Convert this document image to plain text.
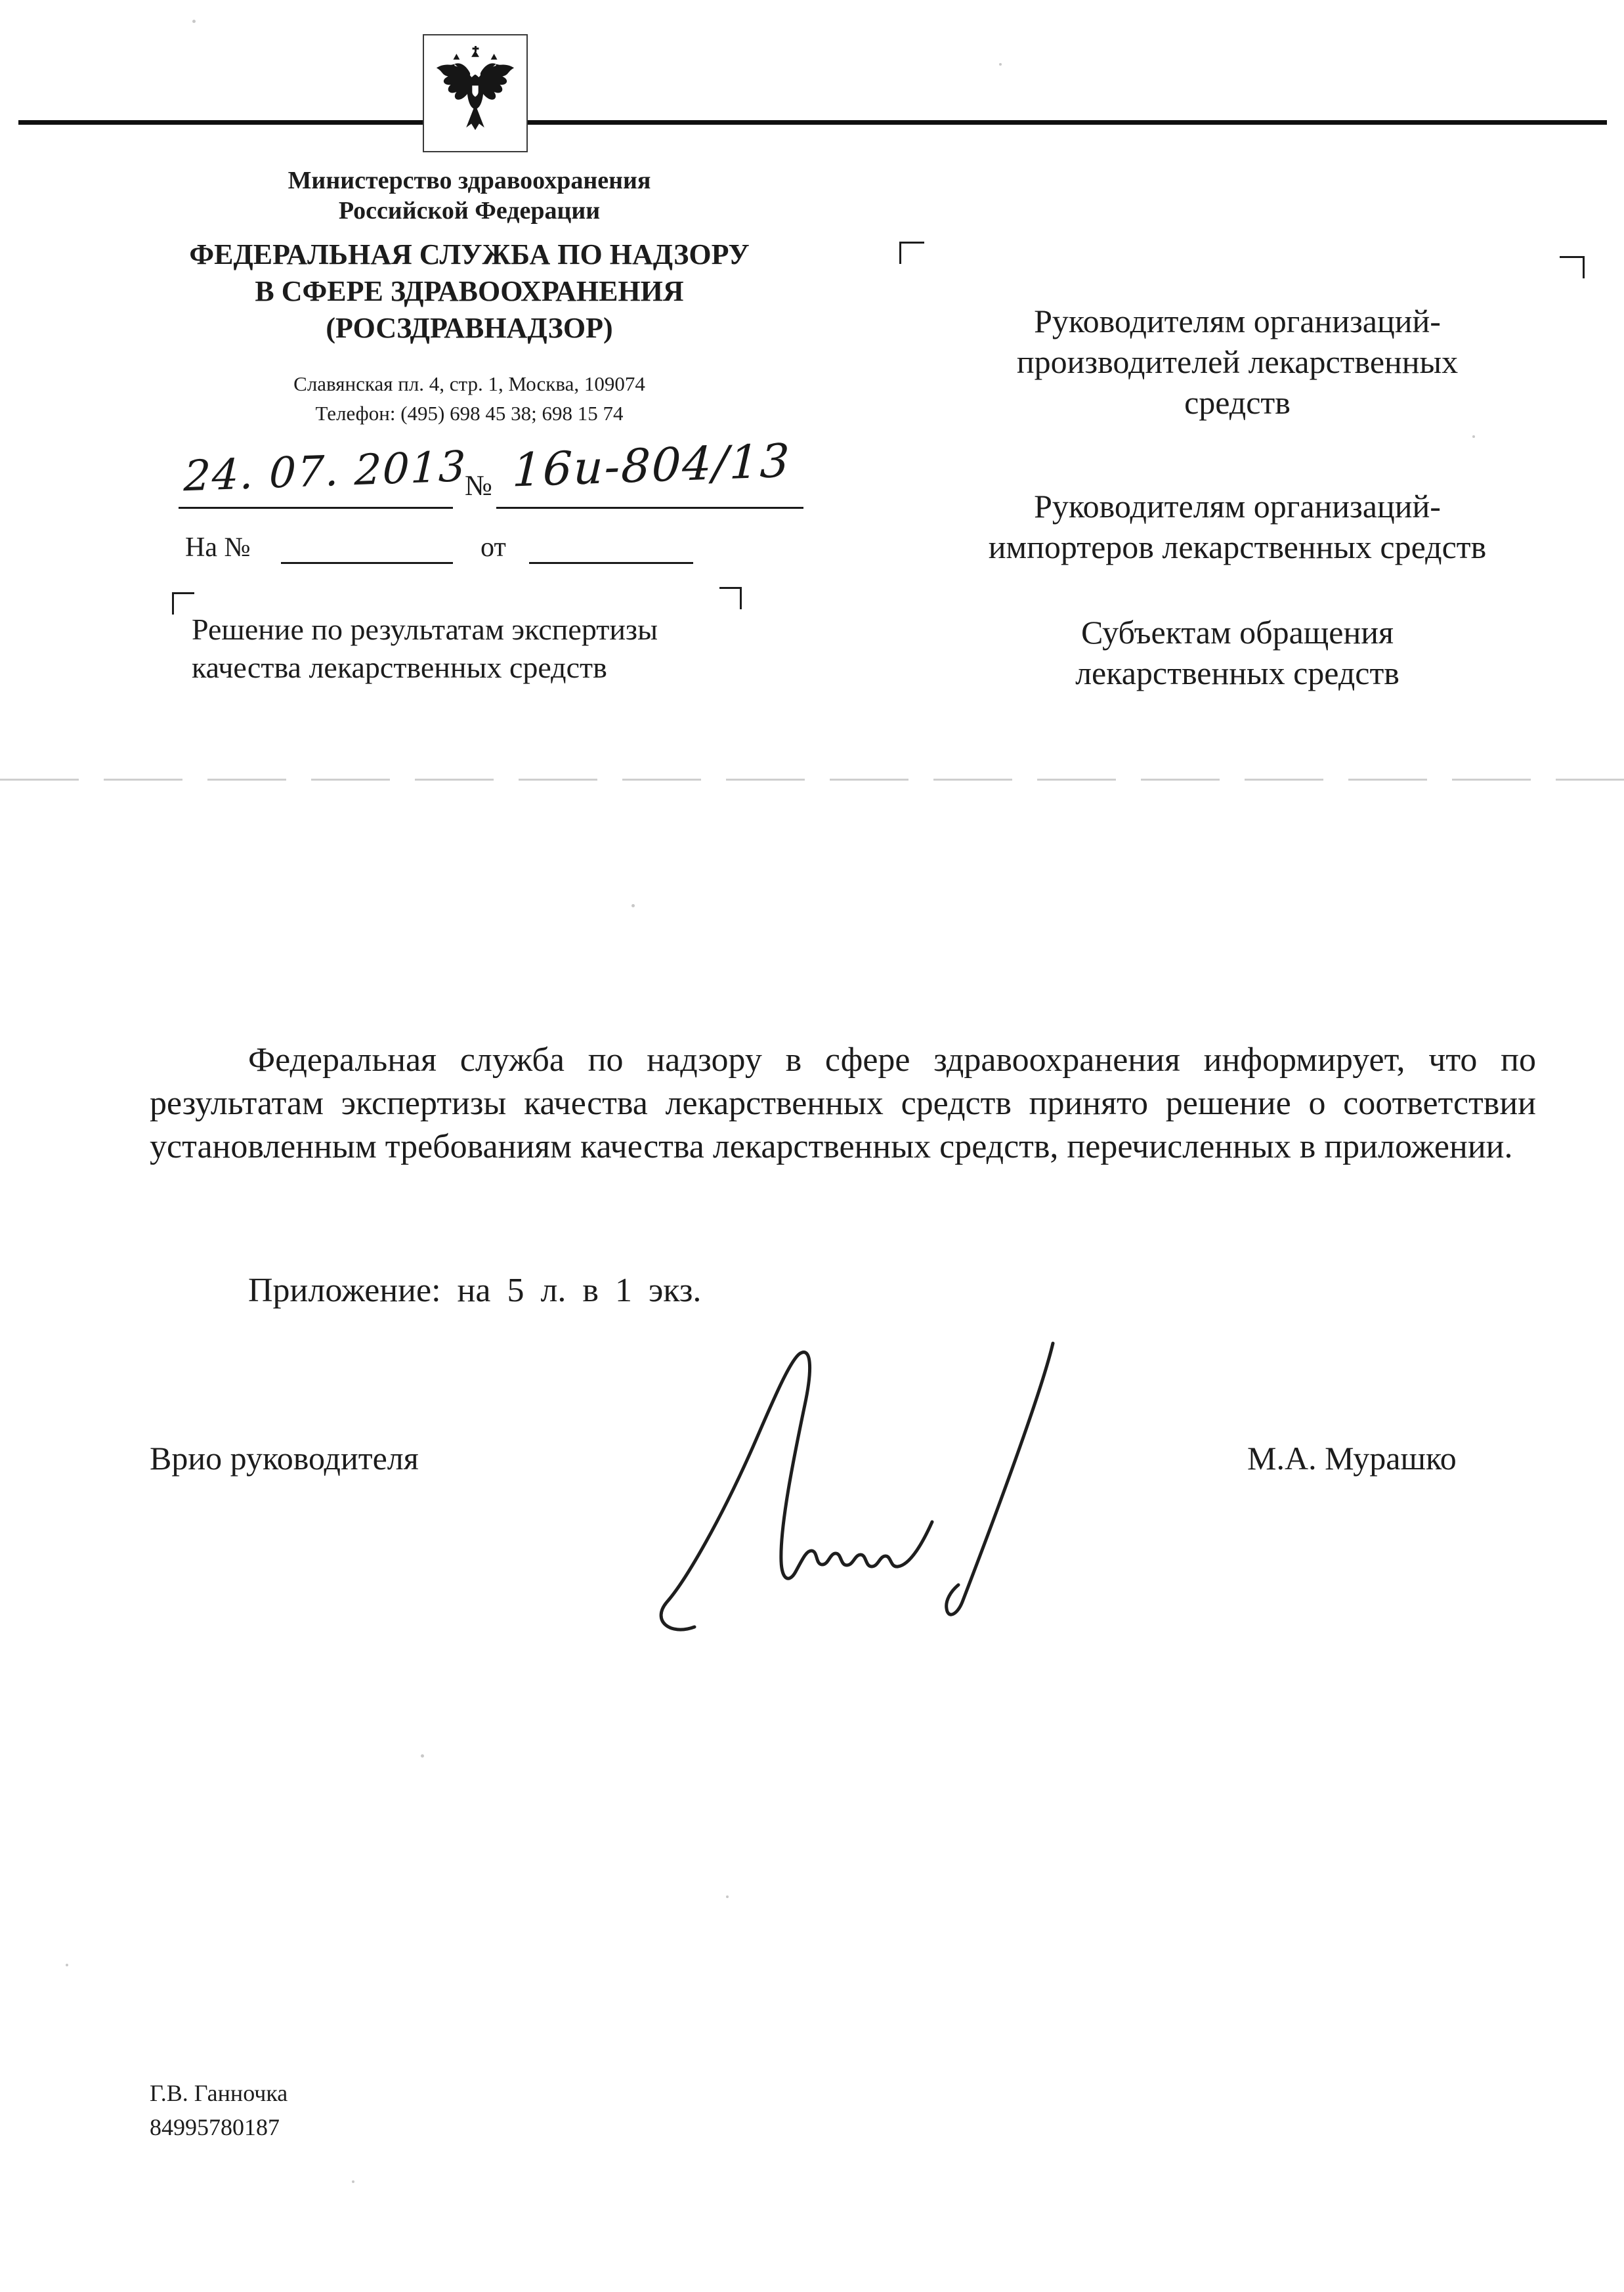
Министерство здравоохранения
Российской Федерации
ФЕДЕРАЛЬНАЯ СЛУЖБА ПО НАДЗОРУ
В СФЕРЕ ЗДРАВООХРАНЕНИЯ
(РОСЗДРАВНАДЗОР)
Славянская пл. 4, стр. 1, Москва, 109074
Телефон: (495) 698 45 38; 698 15 74
24. 07. 2013
№ 16и-804/13
На №	от
Решение по результатам экспертизы
качества лекарственных средств
Руководителям организаций-
производителей лекарственных
средств
Руководителям организаций-
импортеров лекарственных средств
Субъектам обращения
лекарственных средств
Федеральная служба по надзору в сфере здравоохранения информирует, что по результатам экспертизы качества лекарственных средств принято решение о соответствии установленным требованиям качества лекарственных средств, перечисленных в приложении.
Приложение: на 5 л. в 1 экз.
Врио руководителя	М.А. Мурашко
Г.В. Ганночка
84995780187
